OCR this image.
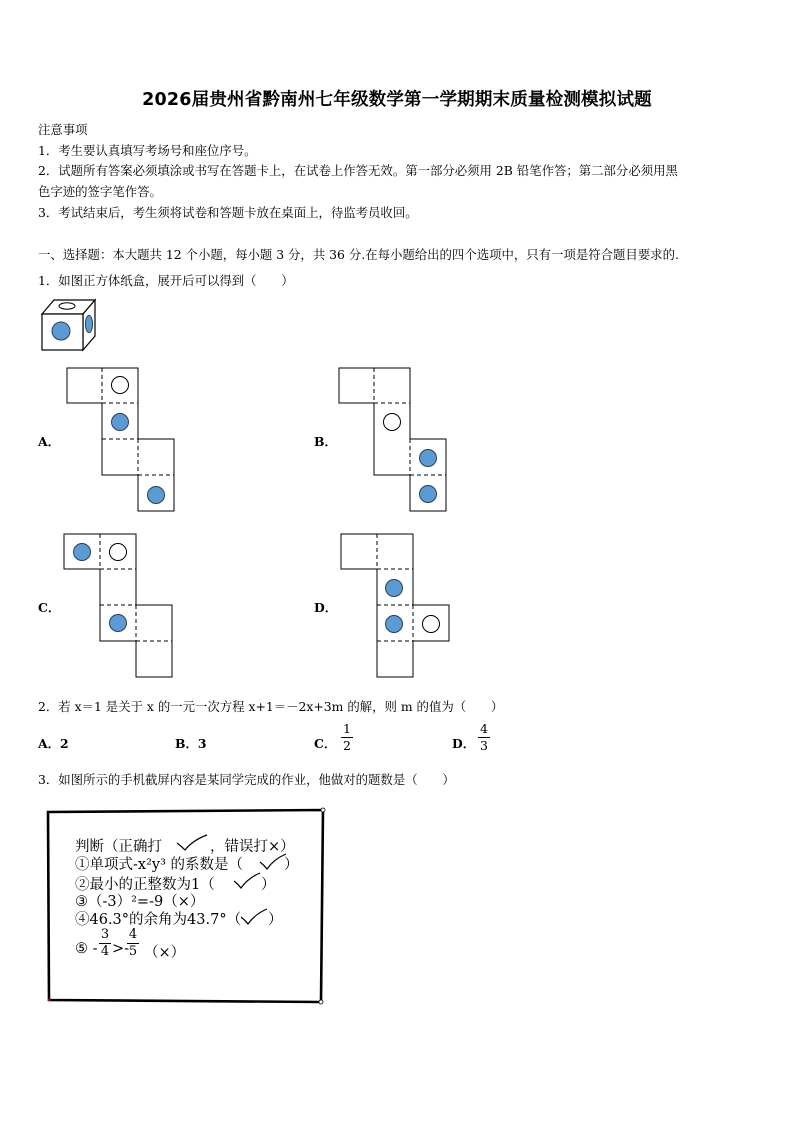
2026届贵州省黔南州七年级数学第一学期期末质量检测模拟试题
注意事项
1．考生要认真填写考场号和座位序号。
2．试题所有答案必须填涂或书写在答题卡上，在试卷上作答无效。第一部分必须用 2B 铅笔作答；第二部分必须用黑
色字迹的签字笔作答。
3．考试结束后，考生须将试卷和答题卡放在桌面上，待监考员收回。
一、选择题：本大题共 12 个小题，每小题 3 分，共 36 分.在每小题给出的四个选项中，只有一项是符合题目要求的.
1．如图正方体纸盒，展开后可以得到（　　）
A．	B．
C．	D．
2．若 x＝1 是关于 x 的一元一次方程 x+1＝－2x+3m 的解，则 m 的值为（　　）
A．2	B．3	C．
1
2	D．
4
3
3．如图所示的手机截屏内容是某同学完成的作业，他做对的题数是（　　）
判断（正确打	，错误打×）
①单项式-x²y³ 的系数是（	）
②最小的正整数为1（	）
③（-3）²=-9（×）
④46.3°的余角为43.7°（ ）
⑤ -
3
4 >-
4
5 （×）
